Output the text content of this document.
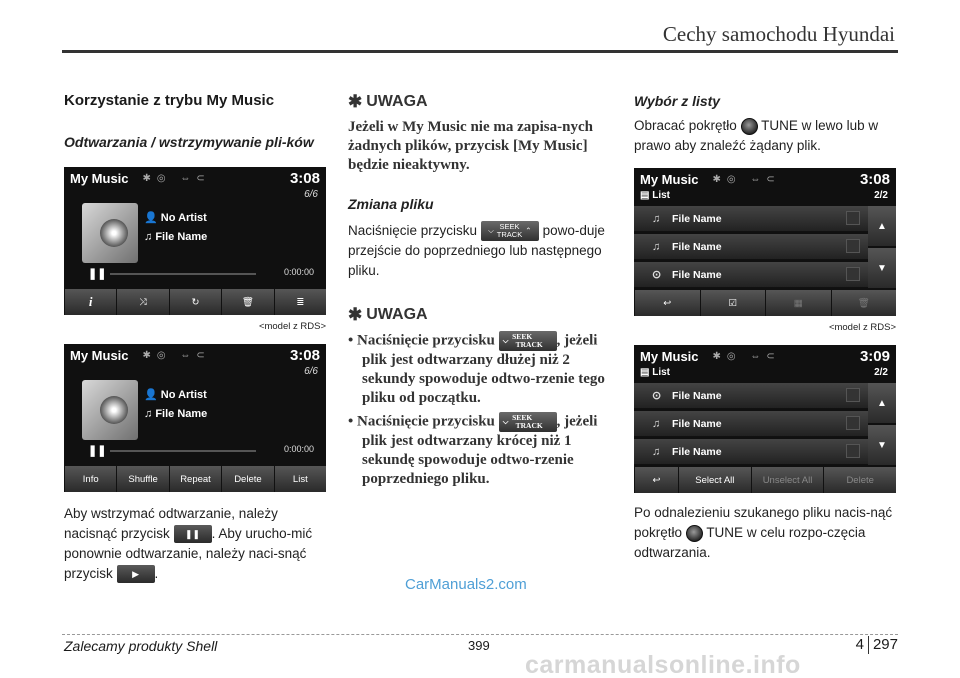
Cechy samochodu Hyundai
Korzystanie z trybu My Music
Odtwarzania / wstrzymywanie pli-ków
My Music ✱◎ ⇔⊂	3:08
6/6
👤 No Artist
♫ File Name
❚❚	0:00:00
i	⤨	↻	🗑	≣
<model z RDS>
My Music ✱◎ ⇔⊂	3:08
6/6
👤 No Artist
♫ File Name
❚❚	0:00:00
Info	Shuffle	Repeat	Delete	List

Aby wstrzymać odtwarzanie, należy nacisnąć przycisk ❚❚ . Aby urucho-mić ponownie odtwarzanie, należy naci-snąć przycisk ▶ .

✱ UWAGA

Jeżeli w My Music nie ma zapisa-nych żadnych plików, przycisk [My Music] będzie nieaktywny.

Zmiana pliku

Naciśnięcie przycisku ⌵ SEEK
TRACK ⌃ powo-duje przejście do poprzedniego lub następnego pliku.

✱ UWAGA

• Naciśnięcie przycisku ⌵ SEEK
TRACK , jeżeli plik jest odtwarzany dłużej niż 2 sekundy spowoduje odtwo-rzenie tego pliku od początku.

• Naciśnięcie przycisku ⌵ SEEK
TRACK , jeżeli plik jest odtwarzany krócej niż 1 sekundę spowoduje odtwo-rzenie poprzedniego pliku.

Wybór z listy

Obracać pokrętło TUNE w lewo lub w prawo aby znaleźć żądany plik.

My Music ✱◎ ⇔⊂	3:08
▤ List	2/2
♫	File Name
♫	File Name
⊙	File Name
▲
▼
↩	☑	▦	🗑
<model z RDS>
My Music ✱◎ ⇔⊂	3:09
▤ List	2/2
⊙	File Name
♫	File Name
♫	File Name
▲
▼
↩	Select All	Unselect All	Delete

Po odnalezieniu szukanego pliku nacis-nąć pokrętło TUNE w celu rozpo-częcia odtwarzania.

CarManuals2.com
Zalecamy produkty Shell	399	4 297
carmanualsonline.info
